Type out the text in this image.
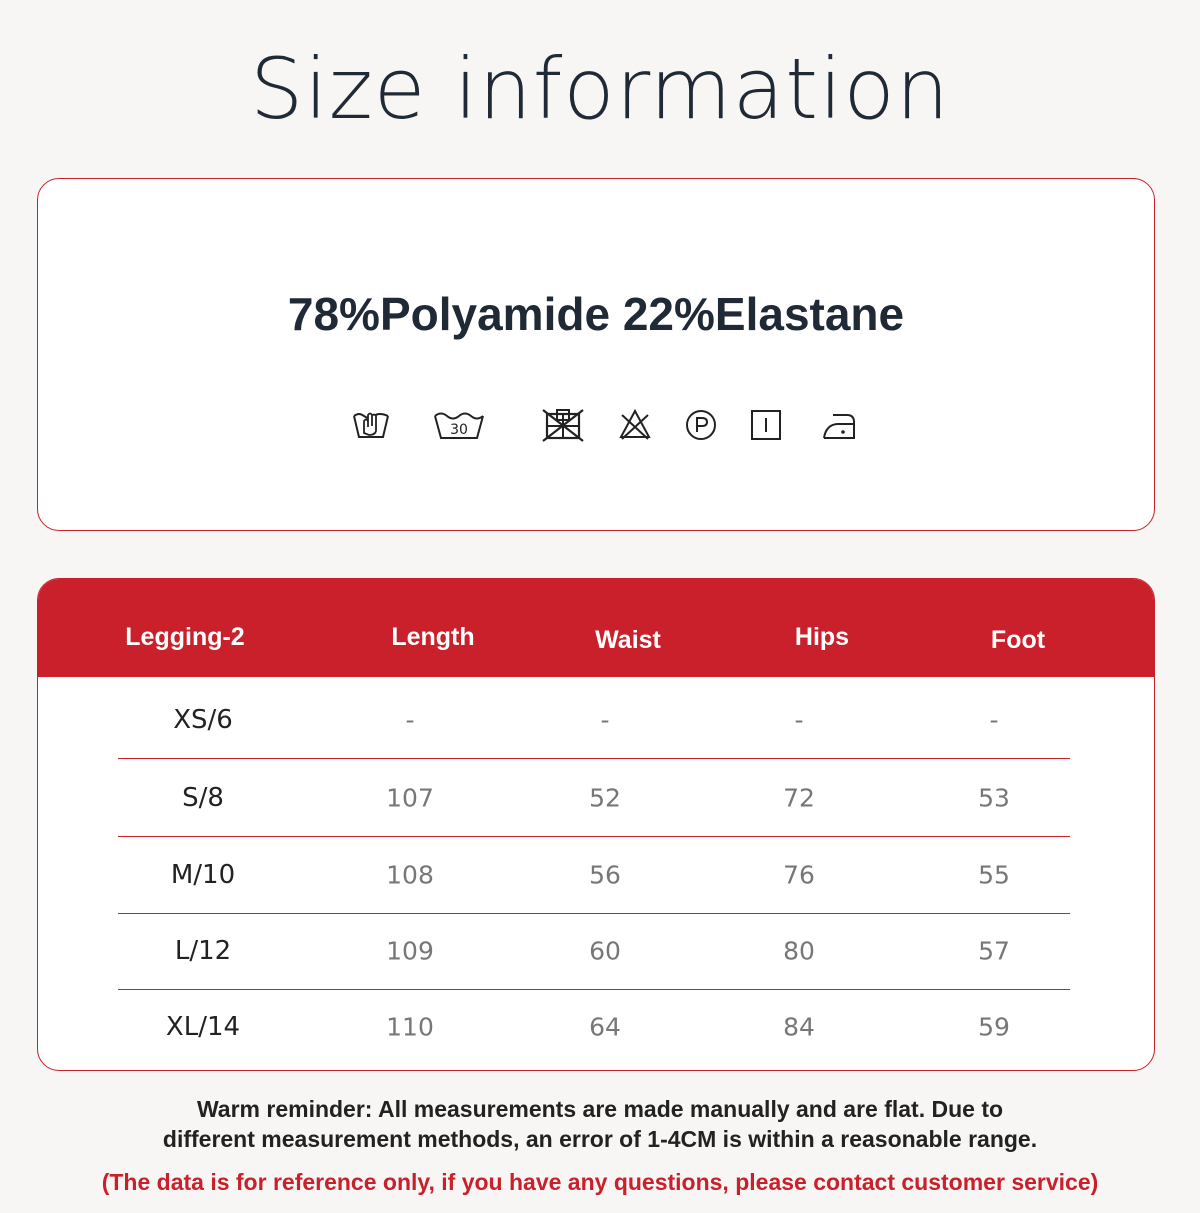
Size information
78%Polyamide 22%Elastane
30
Legging-2	Length	Waist	Hips	Foot
XS/6	-	-	-	-
S/8	107	52	72	53
M/10	108	56	76	55
L/12	109	60	80	57
XL/14	110	64	84	59
Warm reminder: All measurements are made manually and are flat. Due to
different measurement methods, an error of 1-4CM is within a reasonable range.
(The data is for reference only, if you have any questions, please contact customer service)
